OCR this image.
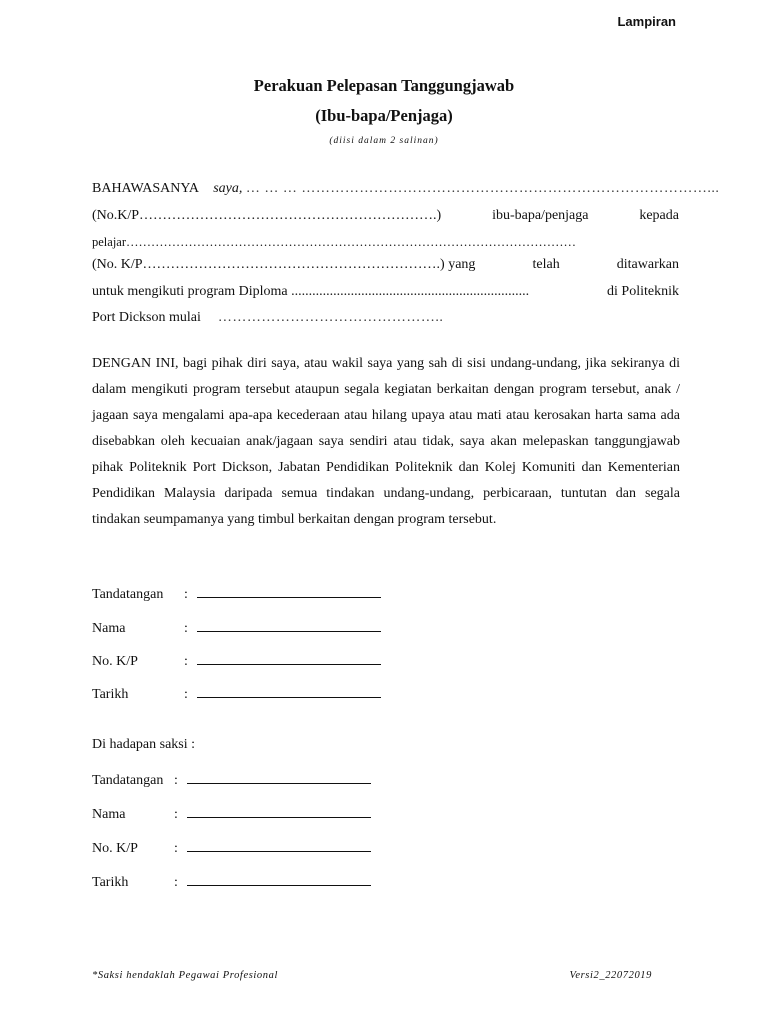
Lampiran
Perakuan Pelepasan Tanggungjawab
(Ibu-bapa/Penjaga)
(diisi dalam 2 salinan)
BAHAWASANYA saya, … … … …………………………………………………………………………...
(No.K/P……………………………………………………….)	ibu-bapa/penjaga	kepada
pelajar………………………………………………………………………………………………
(No. K/P……………………………………………………….) yang	telah	ditawarkan
untuk mengikuti program Diploma ....................................................................	di Politeknik
Port Dickson mulai ………………………………………..
DENGAN INI, bagi pihak diri saya, atau wakil saya yang sah di sisi undang-undang, jika sekiranya di dalam mengikuti program tersebut ataupun segala kegiatan berkaitan dengan program tersebut, anak / jagaan saya mengalami apa-apa kecederaan atau hilang upaya atau mati atau kerosakan harta sama ada disebabkan oleh kecuaian anak/jagaan saya sendiri atau tidak, saya akan melepaskan tanggungjawab pihak Politeknik Port Dickson, Jabatan Pendidikan Politeknik dan Kolej Komuniti dan Kementerian Pendidikan Malaysia daripada semua tindakan undang-undang, perbicaraan, tuntutan dan segala tindakan seumpamanya yang timbul berkaitan dengan program tersebut.
Tandatangan :
Nama	:
No. K/P	:
Tarikh	:
Di hadapan saksi :
Tandatangan :
Nama	:
No. K/P	:
Tarikh	:
*Saksi hendaklah Pegawai Profesional	Versi2_22072019
